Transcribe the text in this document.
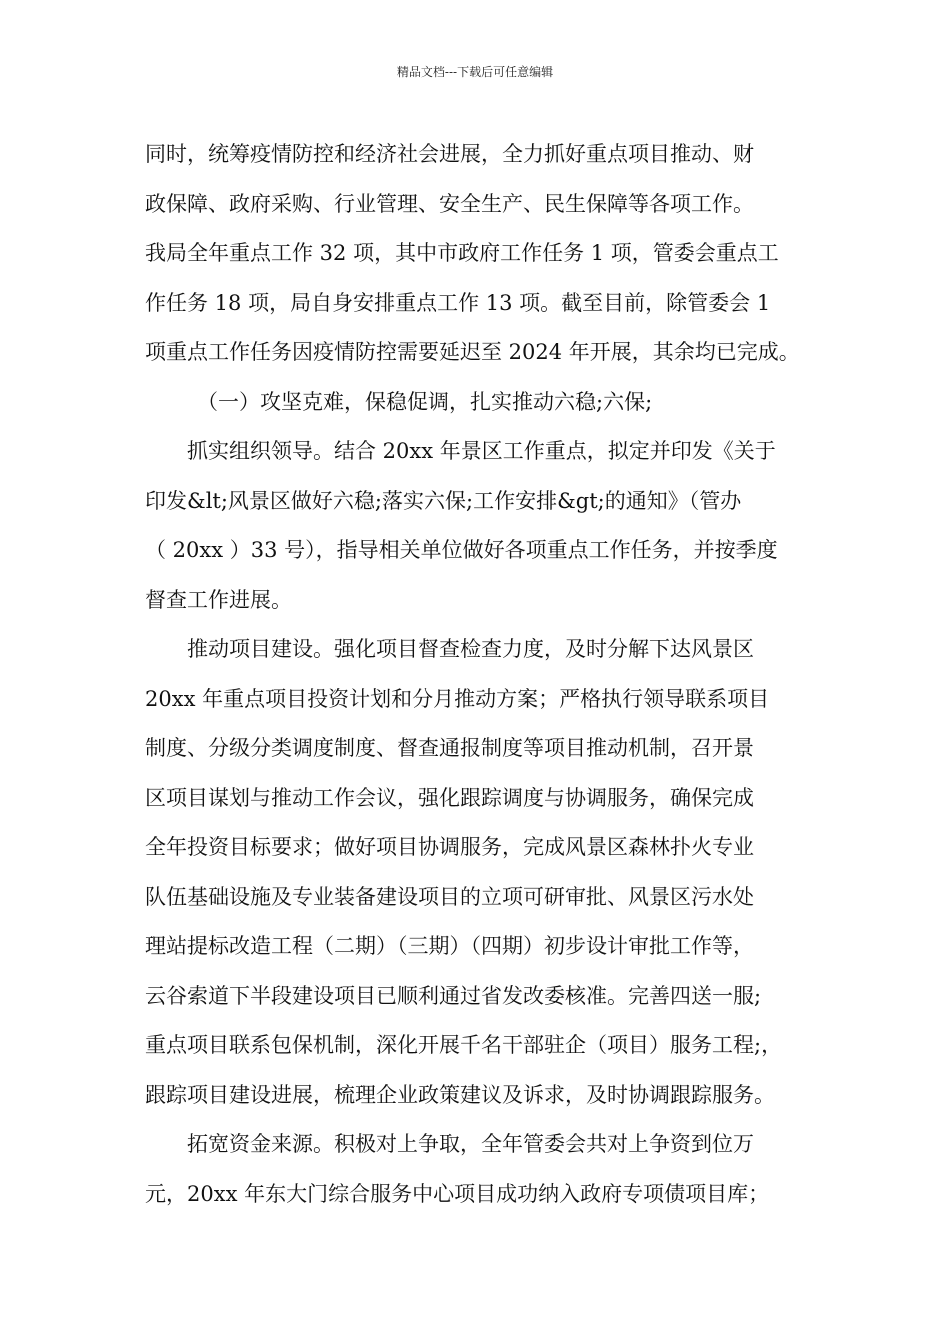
精品文档---下载后可任意编辑
同时，统筹疫情防控和经济社会进展，全力抓好重点项目推动、财
政保障、政府采购、行业管理、安全生产、民生保障等各项工作。
我局全年重点工作 32 项，其中市政府工作任务 1 项，管委会重点工
作任务 18 项，局自身安排重点工作 13 项。截至目前，除管委会 1
项重点工作任务因疫情防控需要延迟至 2024 年开展，其余均已完成。
（一）攻坚克难，保稳促调，扎实推动六稳;六保;
抓实组织领导。结合 20xx 年景区工作重点，拟定并印发《关于
印发&lt;风景区做好六稳;落实六保;工作安排&gt;的通知》（管办
（ 20xx ）33 号），指导相关单位做好各项重点工作任务，并按季度
督查工作进展。
推动项目建设。强化项目督查检查力度，及时分解下达风景区
20xx 年重点项目投资计划和分月推动方案；严格执行领导联系项目
制度、分级分类调度制度、督查通报制度等项目推动机制，召开景
区项目谋划与推动工作会议，强化跟踪调度与协调服务，确保完成
全年投资目标要求；做好项目协调服务，完成风景区森林扑火专业
队伍基础设施及专业装备建设项目的立项可研审批、风景区污水处
理站提标改造工程（二期）（三期）（四期）初步设计审批工作等，
云谷索道下半段建设项目已顺利通过省发改委核准。完善四送一服;
重点项目联系包保机制，深化开展千名干部驻企（项目）服务工程;，
跟踪项目建设进展，梳理企业政策建议及诉求，及时协调跟踪服务。
拓宽资金来源。积极对上争取，全年管委会共对上争资到位万
元，20xx 年东大门综合服务中心项目成功纳入政府专项债项目库；
